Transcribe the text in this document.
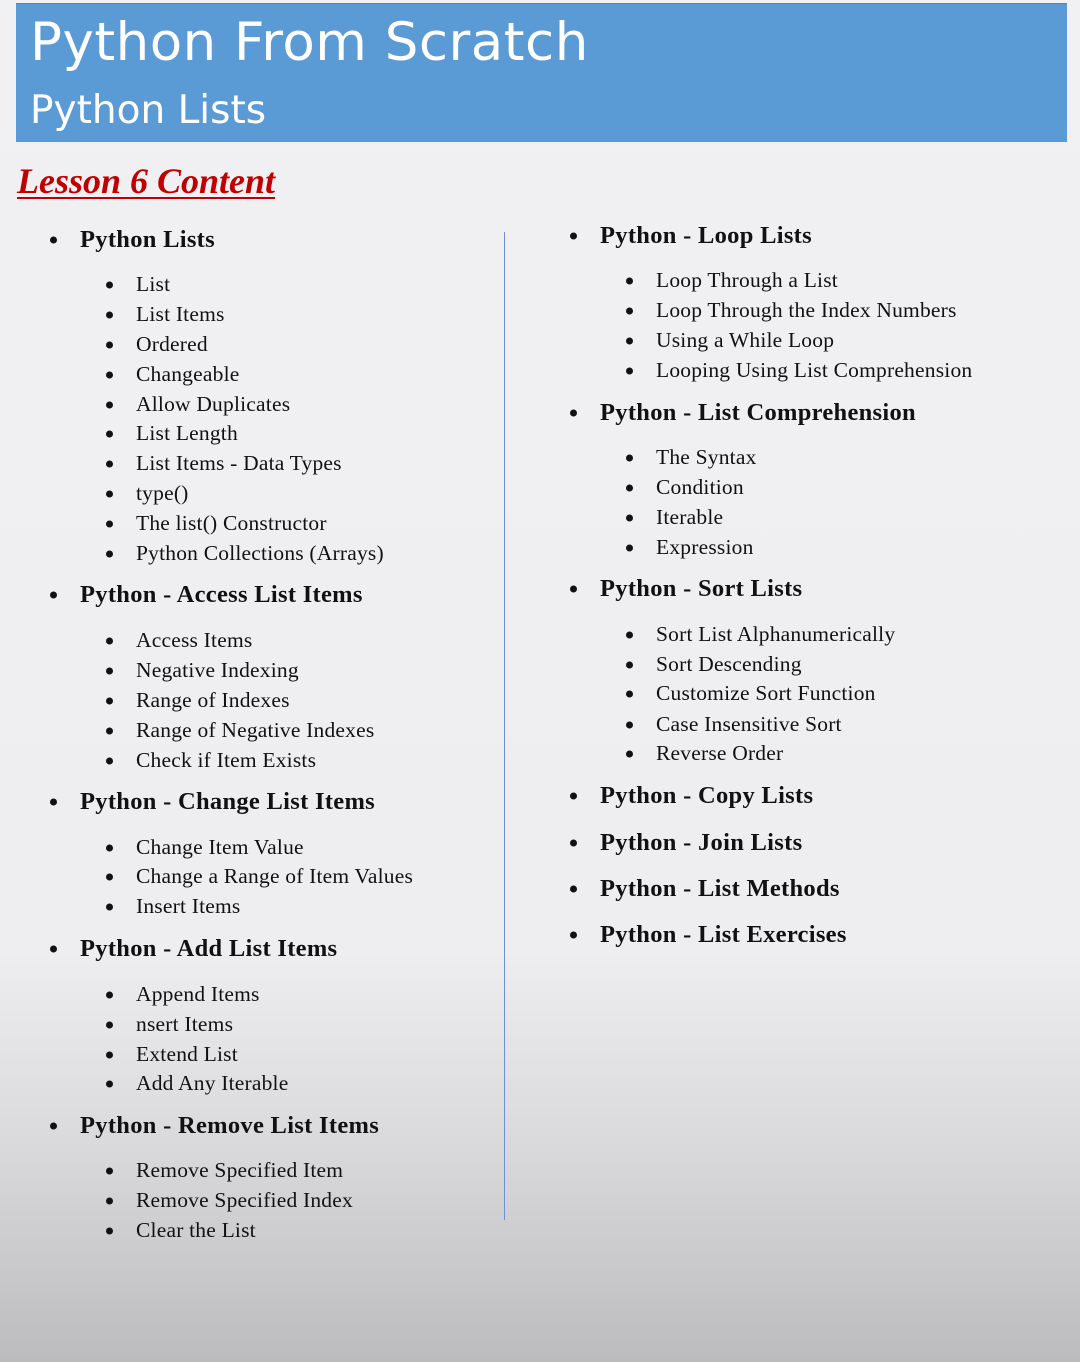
Python From Scratch
Python Lists
Lesson 6 Content
Python Lists
List
List Items
Ordered
Changeable
Allow Duplicates
List Length
List Items - Data Types
type()
The list() Constructor
Python Collections (Arrays)
Python - Access List Items
Access Items
Negative Indexing
Range of Indexes
Range of Negative Indexes
Check if Item Exists
Python - Change List Items
Change Item Value
Change a Range of Item Values
Insert Items
Python - Add List Items
Append Items
nsert Items
Extend List
Add Any Iterable
Python - Remove List Items
Remove Specified Item
Remove Specified Index
Clear the List
Python - Loop Lists
Loop Through a List
Loop Through the Index Numbers
Using a While Loop
Looping Using List Comprehension
Python - List Comprehension
The Syntax
Condition
Iterable
Expression
Python - Sort Lists
Sort List Alphanumerically
Sort Descending
Customize Sort Function
Case Insensitive Sort
Reverse Order
Python - Copy Lists
Python - Join Lists
Python - List Methods
Python - List Exercises
